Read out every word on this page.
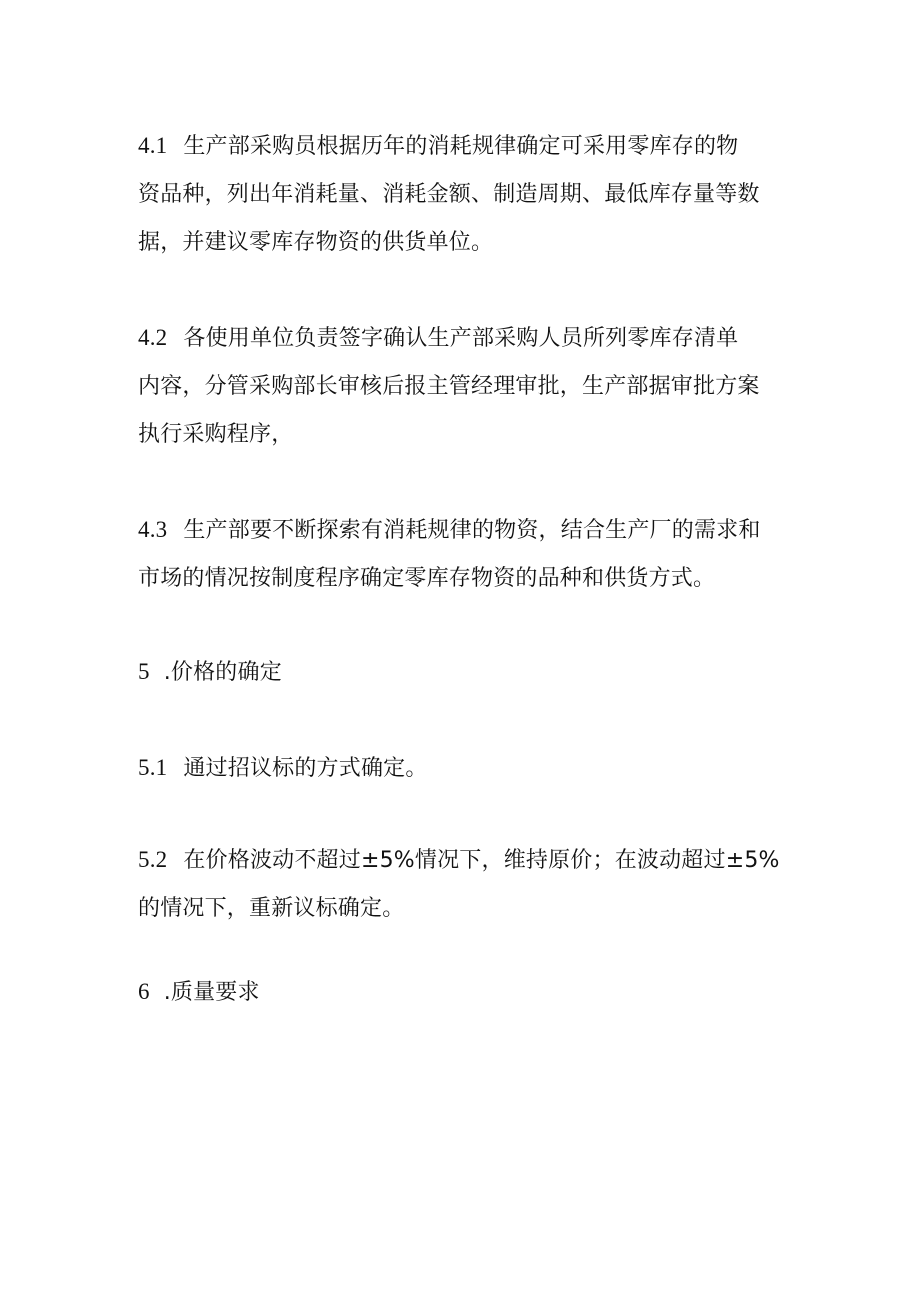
4.1 生产部采购员根据历年的消耗规律确定可采用零库存的物
资品种，列出年消耗量、消耗金额、制造周期、最低库存量等数
据，并建议零库存物资的供货单位。

4.2 各使用单位负责签字确认生产部采购人员所列零库存清单
内容，分管采购部长审核后报主管经理审批，生产部据审批方案
执行采购程序，

4.3 生产部要不断探索有消耗规律的物资，结合生产厂的需求和
市场的情况按制度程序确定零库存物资的品种和供货方式。

5 .价格的确定

5.1 通过招议标的方式确定。

5.2 在价格波动不超过±5%情况下，维持原价；在波动超过±5%
的情况下，重新议标确定。

6 .质量要求
